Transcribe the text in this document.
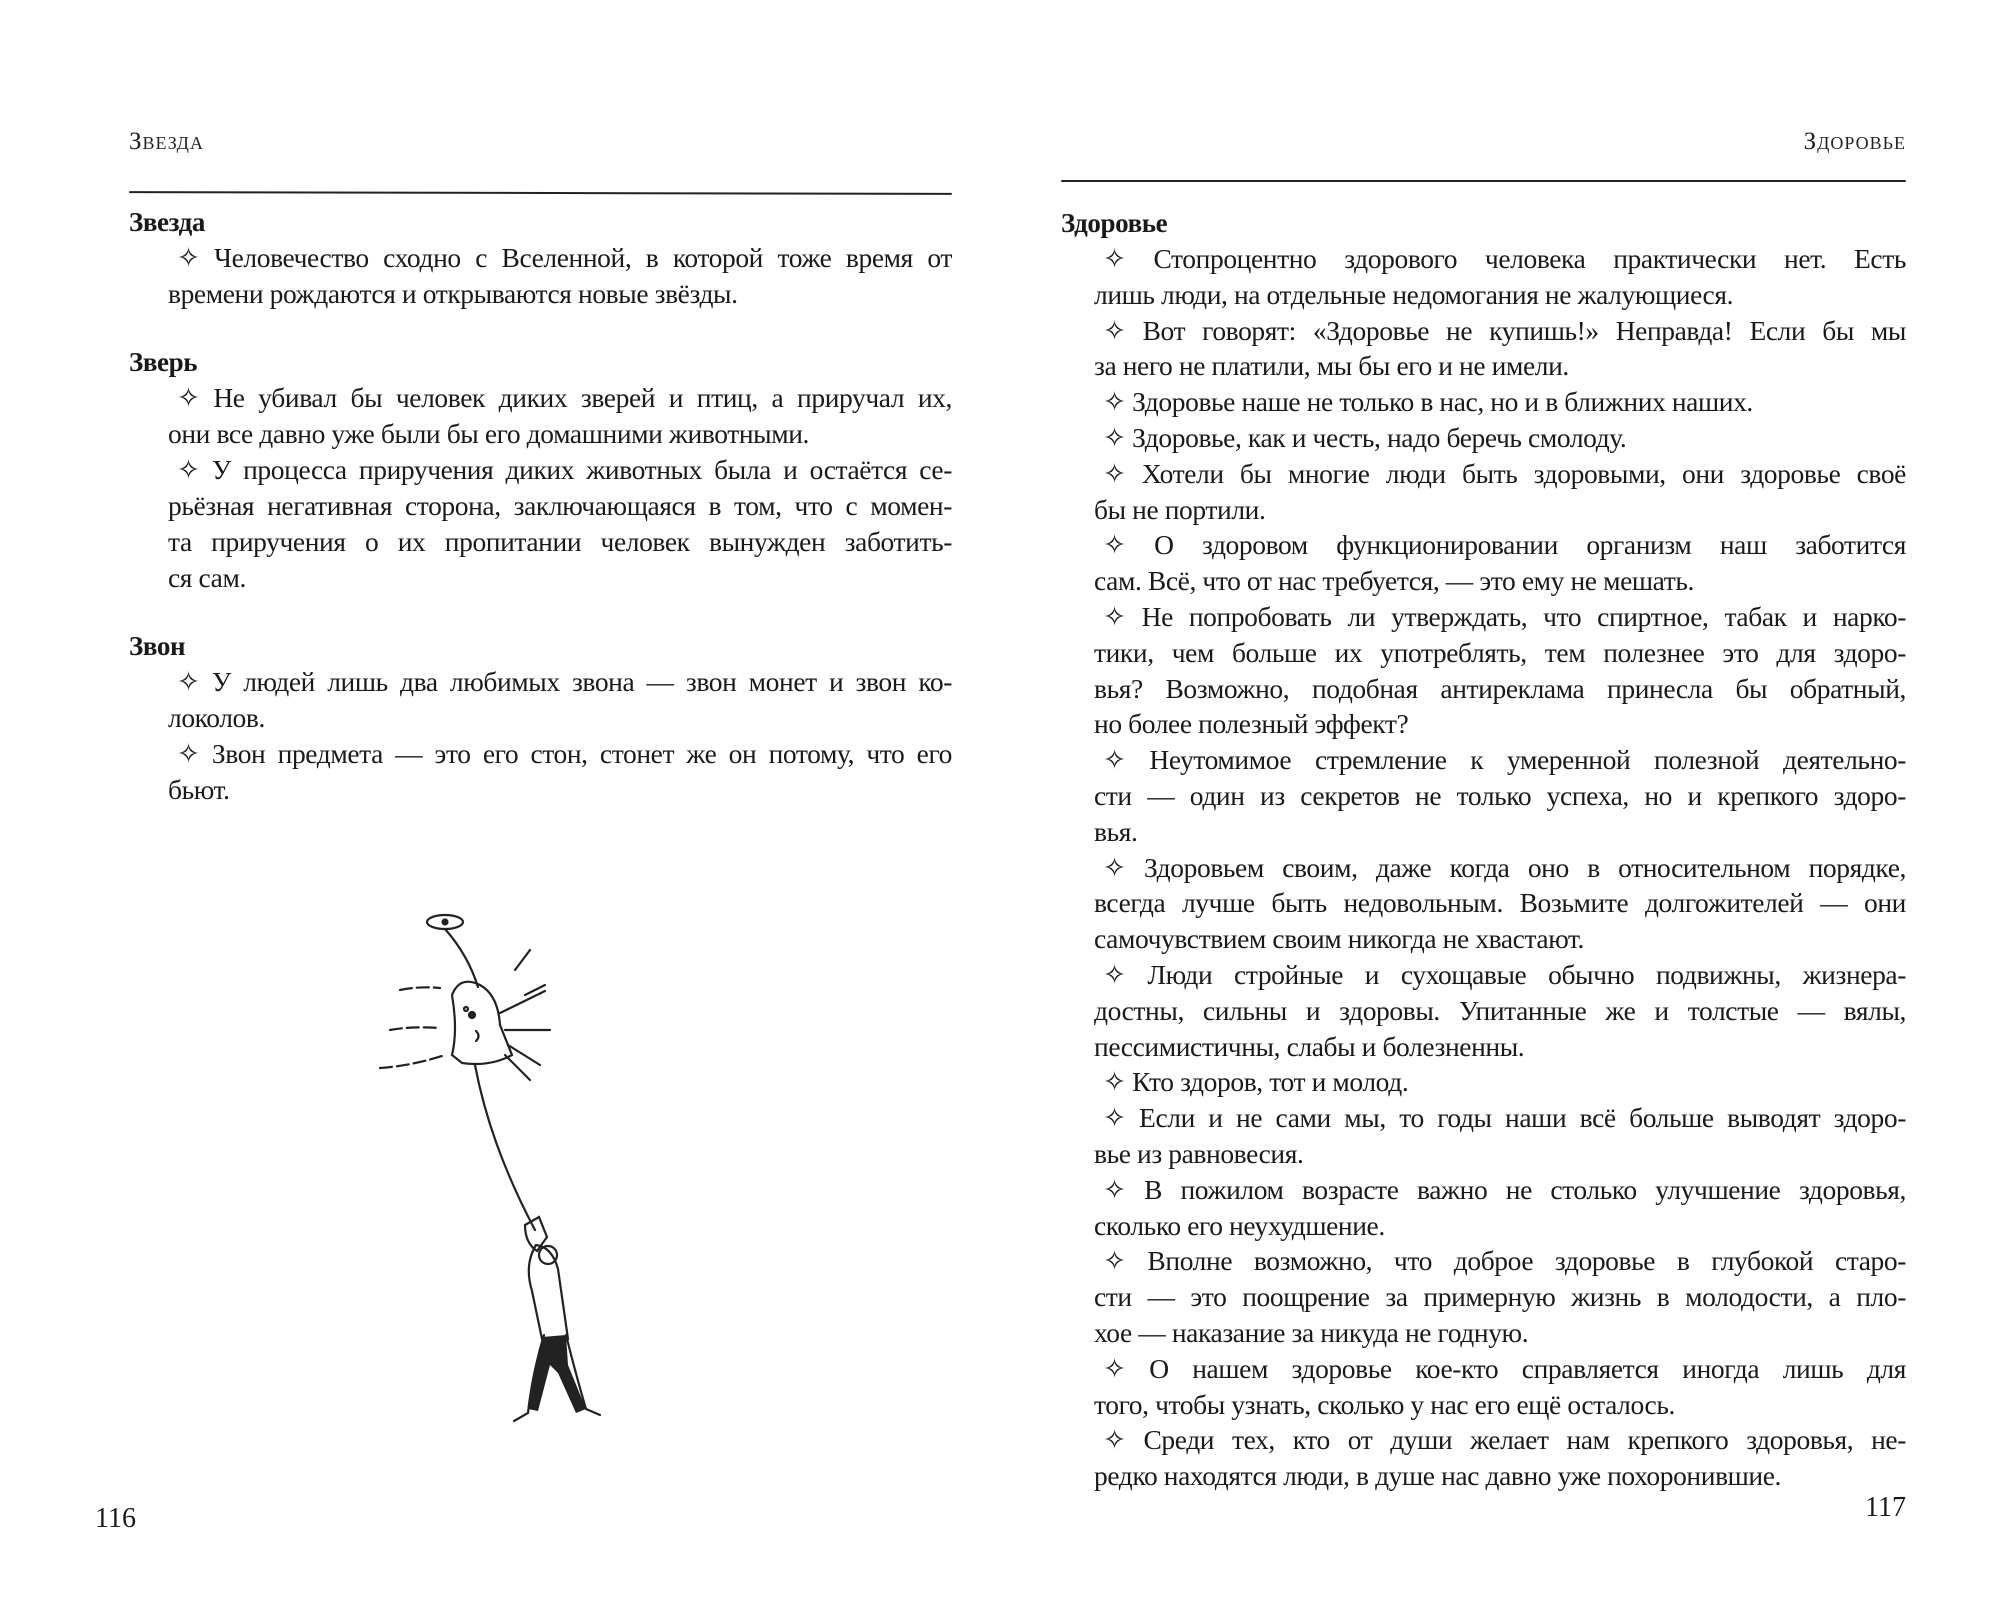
Звезда
Звезда
✧ Человечество сходно с Вселенной, в которой тоже время от
времени рождаются и открываются новые звёзды.
Зверь
✧ Не убивал бы человек диких зверей и птиц, а приручал их,
они все давно уже были бы его домашними животными.
✧ У процесса приручения диких животных была и остаётся се-
рьёзная негативная сторона, заключающаяся в том, что с момен-
та приручения о их пропитании человек вынужден заботить-
ся сам.
Звон
✧ У людей лишь два любимых звона — звон монет и звон ко-
локолов.
✧ Звон предмета — это его стон, стонет же он потому, что его
бьют.
116
Здоровье
Здоровье
✧ Стопроцентно здорового человека практически нет. Есть
лишь люди, на отдельные недомогания не жалующиеся.
✧ Вот говорят: «Здоровье не купишь!» Неправда! Если бы мы
за него не платили, мы бы его и не имели.
✧ Здоровье наше не только в нас, но и в ближних наших.
✧ Здоровье, как и честь, надо беречь смолоду.
✧ Хотели бы многие люди быть здоровыми, они здоровье своё
бы не портили.
✧ О здоровом функционировании организм наш заботится
сам. Всё, что от нас требуется, — это ему не мешать.
✧ Не попробовать ли утверждать, что спиртное, табак и нарко-
тики, чем больше их употреблять, тем полезнее это для здоро-
вья? Возможно, подобная антиреклама принесла бы обратный,
но более полезный эффект?
✧ Неутомимое стремление к умеренной полезной деятельно-
сти — один из секретов не только успеха, но и крепкого здоро-
вья.
✧ Здоровьем своим, даже когда оно в относительном порядке,
всегда лучше быть недовольным. Возьмите долгожителей — они
самочувствием своим никогда не хвастают.
✧ Люди стройные и сухощавые обычно подвижны, жизнера-
достны, сильны и здоровы. Упитанные же и толстые — вялы,
пессимистичны, слабы и болезненны.
✧ Кто здоров, тот и молод.
✧ Если и не сами мы, то годы наши всё больше выводят здоро-
вье из равновесия.
✧ В пожилом возрасте важно не столько улучшение здоровья,
сколько его неухудшение.
✧ Вполне возможно, что доброе здоровье в глубокой старо-
сти — это поощрение за примерную жизнь в молодости, а пло-
хое — наказание за никуда не годную.
✧ О нашем здоровье кое-кто справляется иногда лишь для
того, чтобы узнать, сколько у нас его ещё осталось.
✧ Среди тех, кто от души желает нам крепкого здоровья, не-
редко находятся люди, в душе нас давно уже похоронившие.
117
